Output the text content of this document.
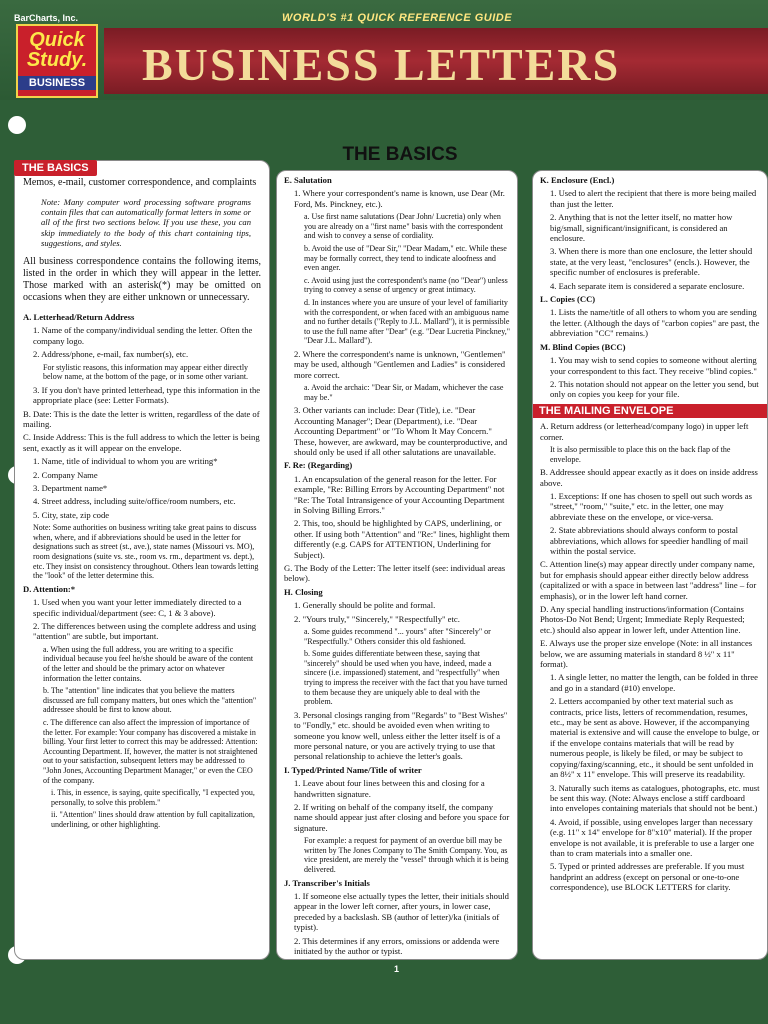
BarCharts, Inc.	WORLD'S #1 QUICK REFERENCE GUIDE
Quick
Study.
BUSINESS BUSINESS LETTERS
THE BASICS

Memos, e-mail, customer correspondence, and complaints

Note: Many computer word processing software programs contain files that can automatically format letters in some or all of the first two sections below. If you use these, you can skip immediately to the body of this chart containing tips, suggestions, and styles.

All business correspondence contains the following items, listed in the order in which they will appear in the letter. Those marked with an asterisk(*) may be omitted on occasions when they are either unknown or unnecessary.

A. Letterhead/Return Address

1. Name of the company/individual sending the letter. Often the company logo.

2. Address/phone, e-mail, fax number(s), etc.

For stylistic reasons, this information may appear either directly below name, at the bottom of the page, or in some other variant.

3. If you don't have printed letterhead, type this information in the appropriate place (see: Letter Formats).

B. Date: This is the date the letter is written, regardless of the date of mailing.

C. Inside Address: This is the full address to which the letter is being sent, exactly as it will appear on the envelope.

1. Name, title of individual to whom you are writing*

2. Company Name

3. Department name*

4. Street address, including suite/office/room numbers, etc.

5. City, state, zip code

Note: Some authorities on business writing take great pains to discuss when, where, and if abbreviations should be used in the letter for designations such as street (st., ave.), state names (Missouri vs. MO), room designations (suite vs. ste., room vs. rm., department vs. dept.), etc. They insist on consistency throughout. Others lean towards letting the "look" of the letter determine this.

D. Attention:*

1. Used when you want your letter immediately directed to a specific individual/department (see: C, 1 & 3 above).

2. The differences between using the complete address and using "attention" are subtle, but important.

a. When using the full address, you are writing to a specific individual because you feel he/she should be aware of the content of the letter and should be the primary actor on whatever information the letter contains.

b. The "attention" line indicates that you believe the matters discussed are full company matters, but ones which the "attention" addressee should be first to know about.

c. The difference can also affect the impression of importance of the letter. For example: Your company has discovered a mistake in billing. Your first letter to correct this may be addressed: Attention: Accounting Department. If, however, the matter is not straightened out to your satisfaction, subsequent letters may be addressed to "John Jones, Accounting Department Manager," or even the CEO of the company.

i. This, in essence, is saying, quite specifically, "I expected you, personally, to solve this problem."

ii. "Attention" lines should draw attention by full capitalization, underlining, or other highlighting.

THE BASICS

E. Salutation

1. Where your correspondent's name is known, use Dear (Mr. Ford, Ms. Pinckney, etc.).

a. Use first name salutations (Dear John/ Lucretia) only when you are already on a "first name" basis with the correspondent and wish to convey a sense of cordiality.

b. Avoid the use of "Dear Sir," "Dear Madam," etc. While these may be formally correct, they tend to indicate aloofness and even anger.

c. Avoid using just the correspondent's name (no "Dear") unless trying to convey a sense of urgency or great intimacy.

d. In instances where you are unsure of your level of familiarity with the correspondent, or when faced with an ambiguous name and no further details ("Reply to J.L. Mallard"), it is permissible to use the full name after "Dear" (e.g. "Dear Lucretia Pinckney," "Dear J.L. Mallard").

2. Where the correspondent's name is unknown, "Gentlemen" may be used, although "Gentlemen and Ladies" is considered more correct.

a. Avoid the archaic: "Dear Sir, or Madam, whichever the case may be."

3. Other variants can include: Dear (Title), i.e. "Dear Accounting Manager"; Dear (Department), i.e. "Dear Accounting Department" or "To Whom It May Concern." These, however, are awkward, may be counterproductive, and should only be used if all other salutations are unavailable.

F. Re: (Regarding)

1. An encapsulation of the general reason for the letter. For example, "Re: Billing Errors by Accounting Department" not "Re: The Total Intransigence of your Accounting Department in Solving Billing Errors."

2. This, too, should be highlighted by CAPS, underlining, or other. If using both "Attention" and "Re:" lines, highlight them differently (e.g. CAPS for ATTENTION, Underlining for Subject).

G. The Body of the Letter: The letter itself (see: individual areas below).

H. Closing

1. Generally should be polite and formal.

2. "Yours truly," "Sincerely," "Respectfully" etc.

a. Some guides recommend "... yours" after "Sincerely" or "Respectfully." Others consider this old fashioned.

b. Some guides differentiate between these, saying that "sincerely" should be used when you have, indeed, made a sincere (i.e. impassioned) statement, and "respectfully" when trying to impress the receiver with the fact that you have turned to them because they are uniquely able to deal with the problem.

3. Personal closings ranging from "Regards" to "Best Wishes" to "Fondly," etc. should be avoided even when writing to someone you know well, unless either the letter itself is of a more personal nature, or you are actively trying to use that personal relationship to achieve the letter's goals.

I. Typed/Printed Name/Title of writer

1. Leave about four lines between this and closing for a handwritten signature.

2. If writing on behalf of the company itself, the company name should appear just after closing and before you space for signature.

For example: a request for payment of an overdue bill may be written by The Jones Company to The Smith Company. You, as vice president, are merely the "vessel" through which it is being delivered.

J. Transcriber's Initials

1. If someone else actually types the letter, their initials should appear in the lower left corner, after yours, in lower case, preceded by a backslash. SB (author of letter)/ka (initials of typist).

2. This determines if any errors, omissions or addenda were initiated by the author or typist.

K. Enclosure (Encl.)

1. Used to alert the recipient that there is more being mailed than just the letter.

2. Anything that is not the letter itself, no matter how big/small, significant/insignificant, is considered an enclosure.

3. When there is more than one enclosure, the letter should state, at the very least, "enclosures" (encls.). However, the specific number of enclosures is preferable.

4. Each separate item is considered a separate enclosure.

L. Copies (CC)

1. Lists the name/title of all others to whom you are sending the letter. (Although the days of "carbon copies" are past, the abbreviation "CC" remains.)

M. Blind Copies (BCC)

1. You may wish to send copies to someone without alerting your correspondent to this fact. They receive "blind copies."

2. This notation should not appear on the letter you send, but only on copies you keep for your file.

THE MAILING ENVELOPE

A. Return address (or letterhead/company logo) in upper left corner.

It is also permissible to place this on the back flap of the envelope.

B. Addressee should appear exactly as it does on inside address above.

1. Exceptions: If one has chosen to spell out such words as "street," "room," "suite," etc. in the letter, one may abbreviate these on the envelope, or vice-versa.

2. State abbreviations should always conform to postal abbreviations, which allows for speedier handling of mail within the postal service.

C. Attention line(s) may appear directly under company name, but for emphasis should appear either directly below address (capitalized or with a space in between last "address" line – for emphasis), or in the lower left hand corner.

D. Any special handling instructions/information (Contains Photos-Do Not Bend; Urgent; Immediate Reply Requested; etc.) should also appear in lower left, under Attention line.

E. Always use the proper size envelope (Note: in all instances below, we are assuming materials in standard 8 ½" x 11" format).

1. A single letter, no matter the length, can be folded in three and go in a standard (#10) envelope.

2. Letters accompanied by other text material such as contracts, price lists, letters of recommendation, resumes, etc., may be sent as above. However, if the accompanying material is extensive and will cause the envelope to bulge, or if the envelope contains materials that will be read by numerous people, is likely be filed, or may be subject to copying/faxing/scanning, etc., it should be sent unfolded in an 8½" x 11" envelope. This will preserve its readability.

3. Naturally such items as catalogues, photographs, etc. must be sent this way. (Note: Always enclose a stiff cardboard into envelopes containing materials that should not be bent.)

4. Avoid, if possible, using envelopes larger than necessary (e.g. 11" x 14" envelope for 8"x10" material). If the proper envelope is not available, it is preferable to use a larger one than to cram materials into a smaller one.

5. Typed or printed addresses are preferable. If you must handprint an address (except on personal or one-to-one correspondence), use BLOCK LETTERS for clarity.

1
